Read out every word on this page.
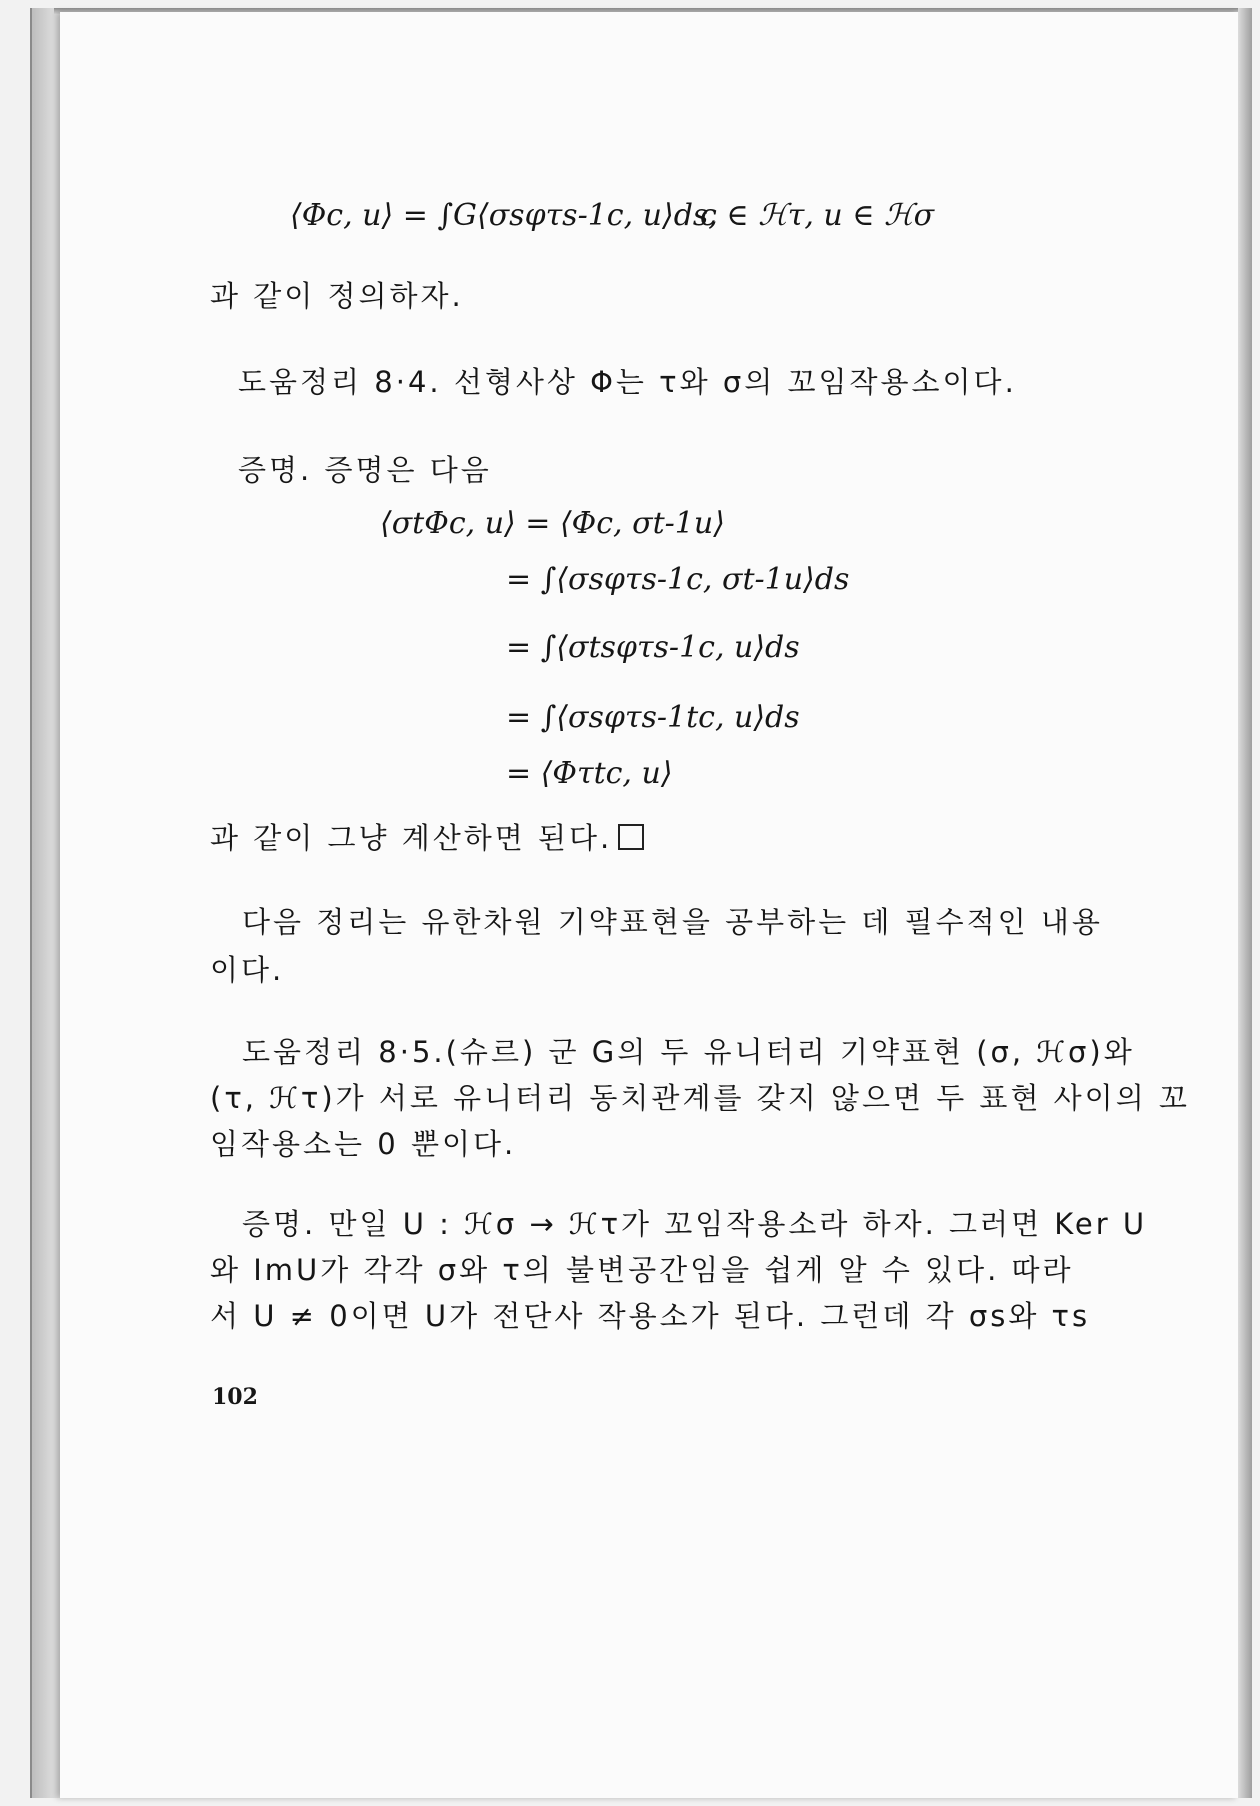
⟨Φc, u⟩ = ∫G⟨σsφτs-1c, u⟩ds,
c ∈ ℋτ, u ∈ ℋσ
과 같이 정의하자.
도움정리 8·4. 선형사상 Φ는 τ와 σ의 꼬임작용소이다.
증명. 증명은 다음
⟨σtΦc, u⟩ = ⟨Φc, σt-1u⟩
= ∫⟨σsφτs-1c, σt-1u⟩ds
= ∫⟨σtsφτs-1c, u⟩ds
= ∫⟨σsφτs-1tc, u⟩ds
= ⟨Φτtc, u⟩
과 같이 그냥 계산하면 된다.
다음 정리는 유한차원 기약표현을 공부하는 데 필수적인 내용
이다.
도움정리 8·5.(슈르) 군 G의 두 유니터리 기약표현 (σ, ℋσ)와
(τ, ℋτ)가 서로 유니터리 동치관계를 갖지 않으면 두 표현 사이의 꼬
임작용소는 0 뿐이다.
증명. 만일 U : ℋσ → ℋτ가 꼬임작용소라 하자. 그러면 Ker U
와 ImU가 각각 σ와 τ의 불변공간임을 쉽게 알 수 있다. 따라
서 U ≠ 0이면 U가 전단사 작용소가 된다. 그런데 각 σs와 τs
102
